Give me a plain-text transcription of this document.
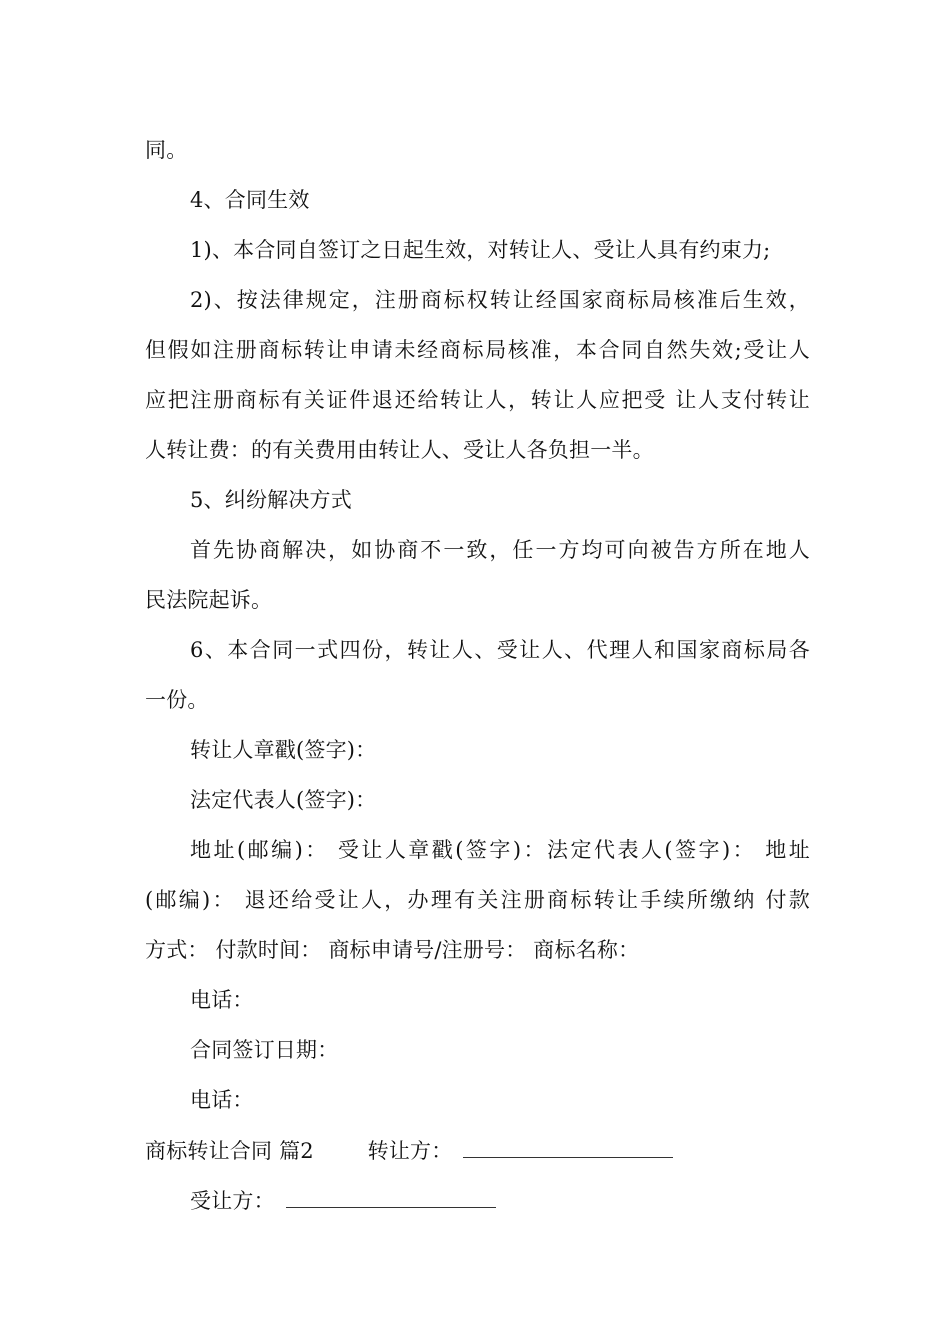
同。
4、合同生效
1)、本合同自签订之日起生效，对转让人、受让人具有约束力;
2)、按法律规定，注册商标权转让经国家商标局核准后生效，
但假如注册商标转让申请未经商标局核准，本合同自然失效;受让人
应把注册商标有关证件退还给转让人，转让人应把受 让人支付转让
人转让费：的有关费用由转让人、受让人各负担一半。
5、纠纷解决方式
首先协商解决，如协商不一致，任一方均可向被告方所在地人
民法院起诉。
6、本合同一式四份，转让人、受让人、代理人和国家商标局各
一份。
转让人章戳(签字)：
法定代表人(签字)：
地址(邮编)： 受让人章戳(签字)：法定代表人(签字)： 地址
(邮编)： 退还给受让人，办理有关注册商标转让手续所缴纳 付款
方式： 付款时间： 商标申请号/注册号： 商标名称：
电话：
合同签订日期：
电话：
商标转让合同 篇2	转让方：
受让方：
